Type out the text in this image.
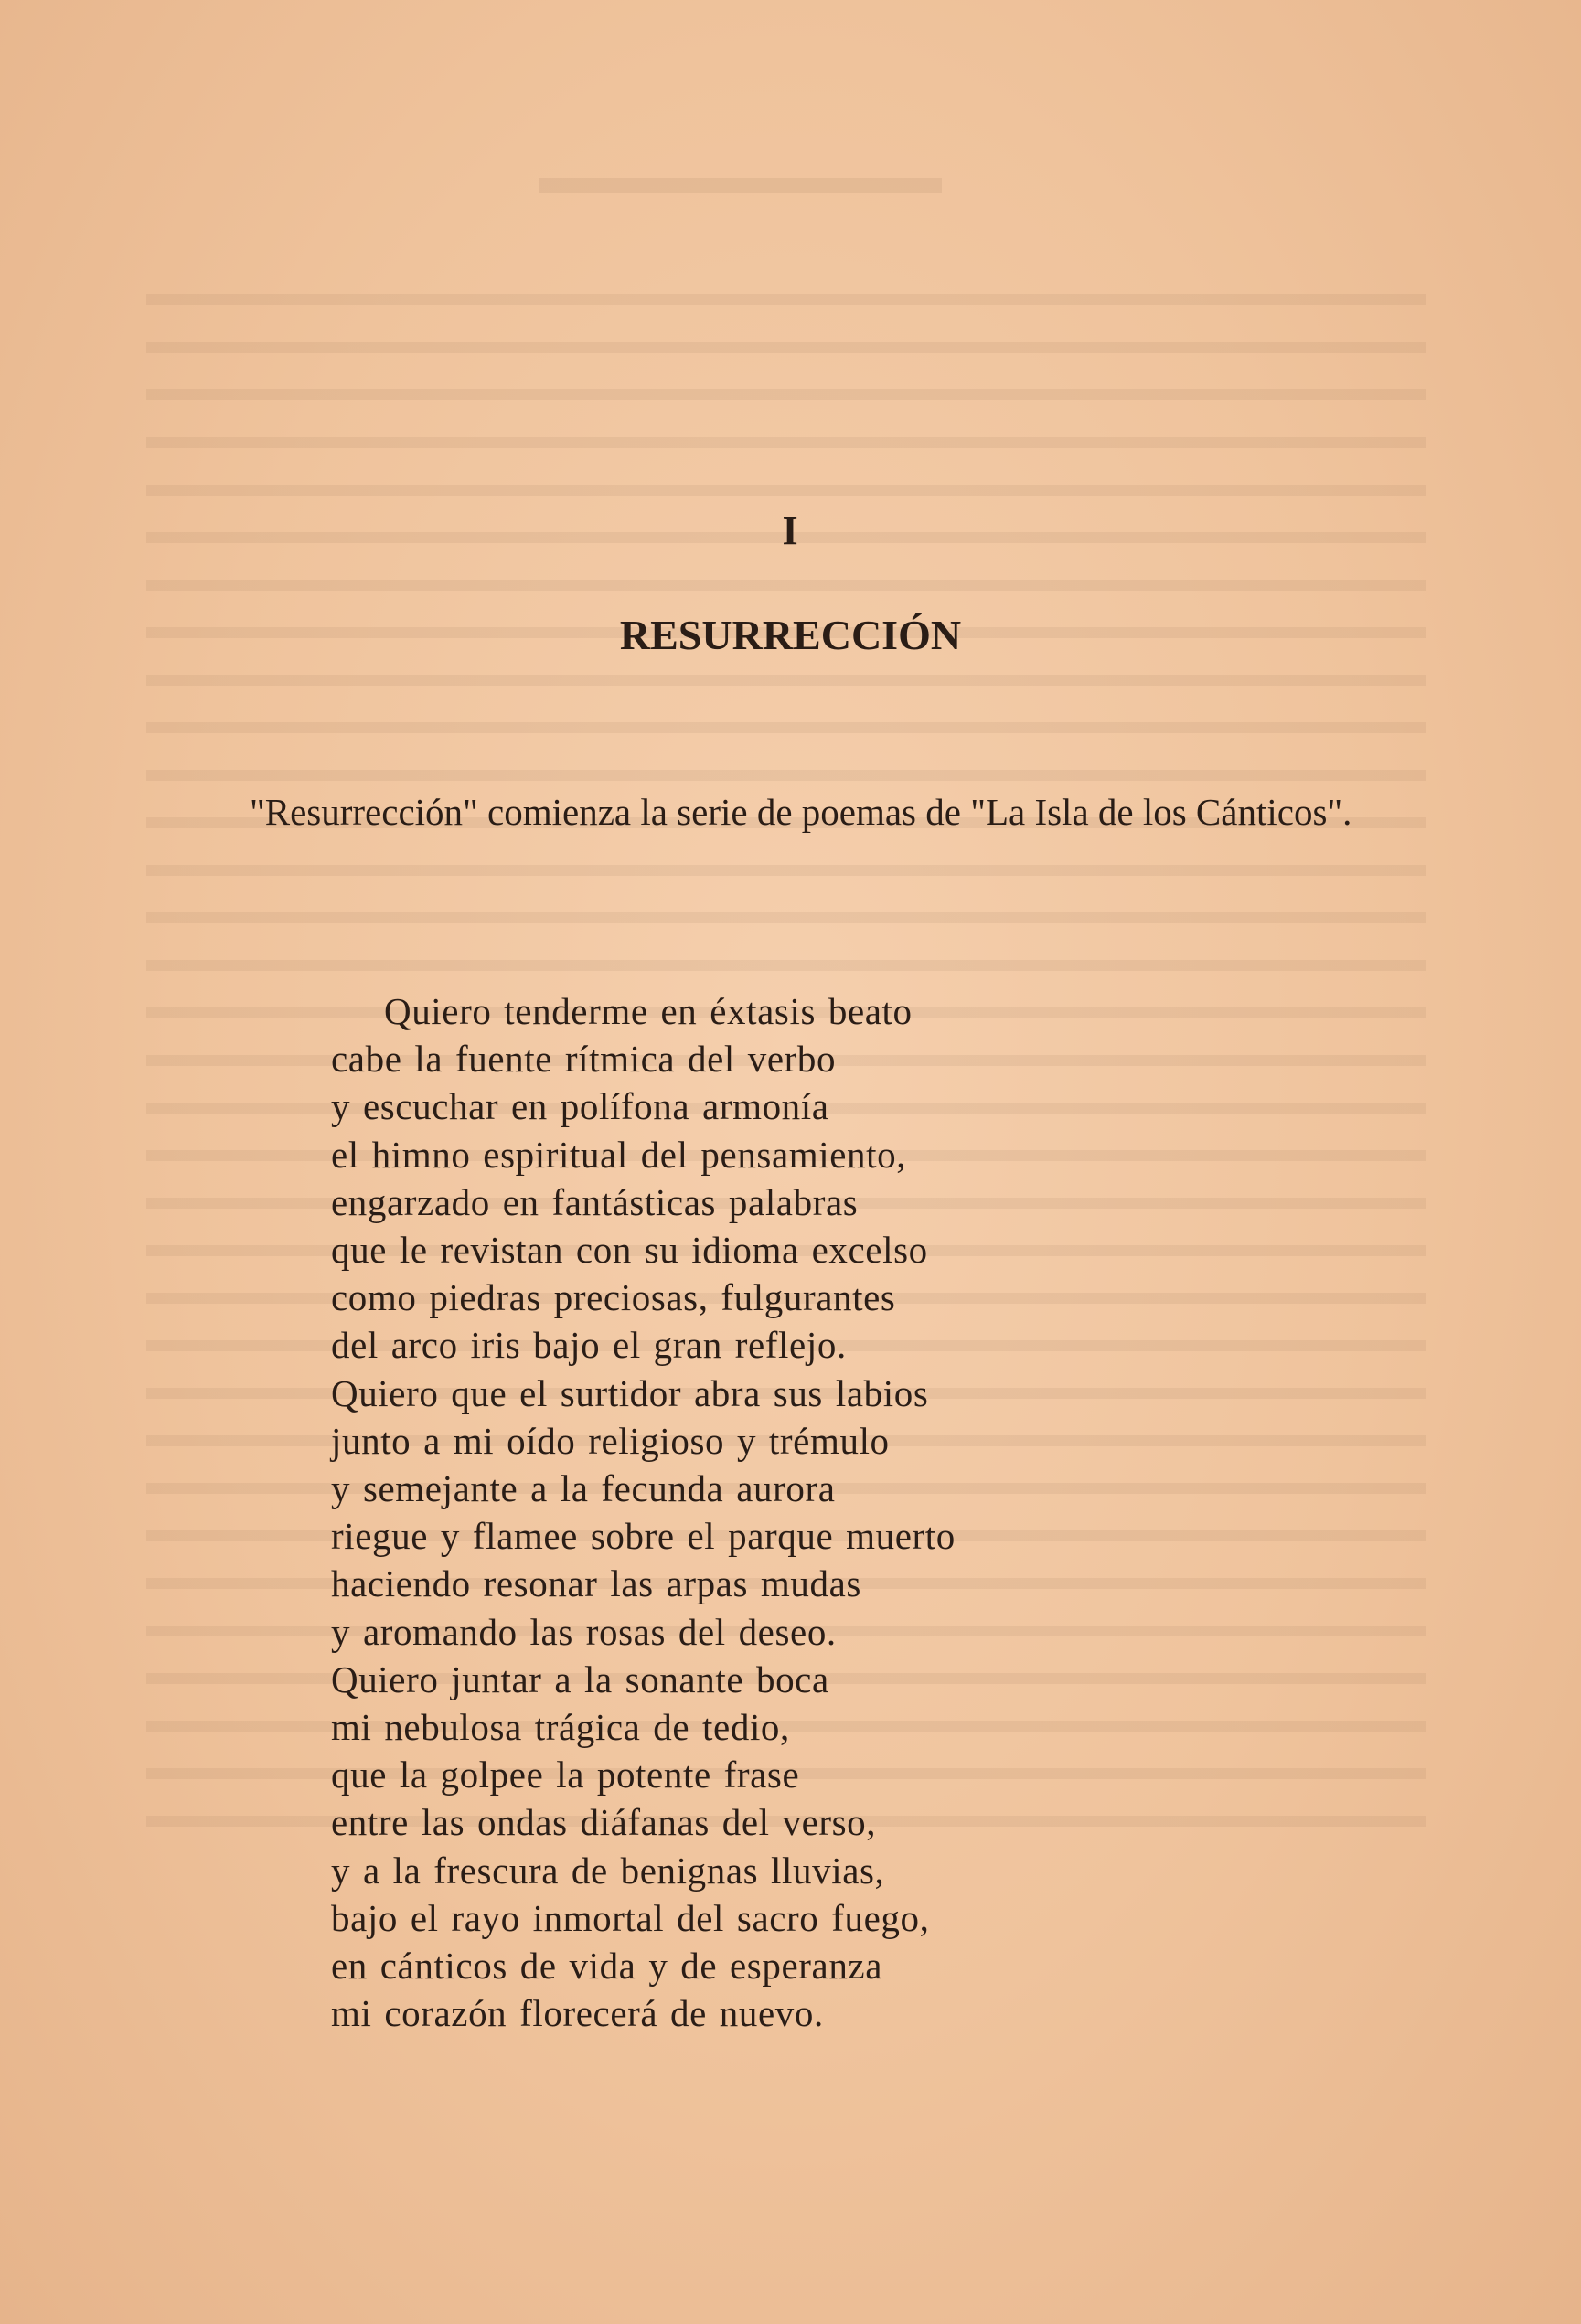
I
RESURRECCIÓN

"Resurrección" comienza la serie de poemas de "La Isla de los Cánticos".

Quiero tenderme en éxtasis beato
cabe la fuente rítmica del verbo
y escuchar en polífona armonía
el himno espiritual del pensamiento,
engarzado en fantásticas palabras
que le revistan con su idioma excelso
como piedras preciosas, fulgurantes
del arco iris bajo el gran reflejo.
Quiero que el surtidor abra sus labios
junto a mi oído religioso y trémulo
y semejante a la fecunda aurora
riegue y flamee sobre el parque muerto
haciendo resonar las arpas mudas
y aromando las rosas del deseo.
Quiero juntar a la sonante boca
mi nebulosa trágica de tedio,
que la golpee la potente frase
entre las ondas diáfanas del verso,
y a la frescura de benignas lluvias,
bajo el rayo inmortal del sacro fuego,
en cánticos de vida y de esperanza
mi corazón florecerá de nuevo.
